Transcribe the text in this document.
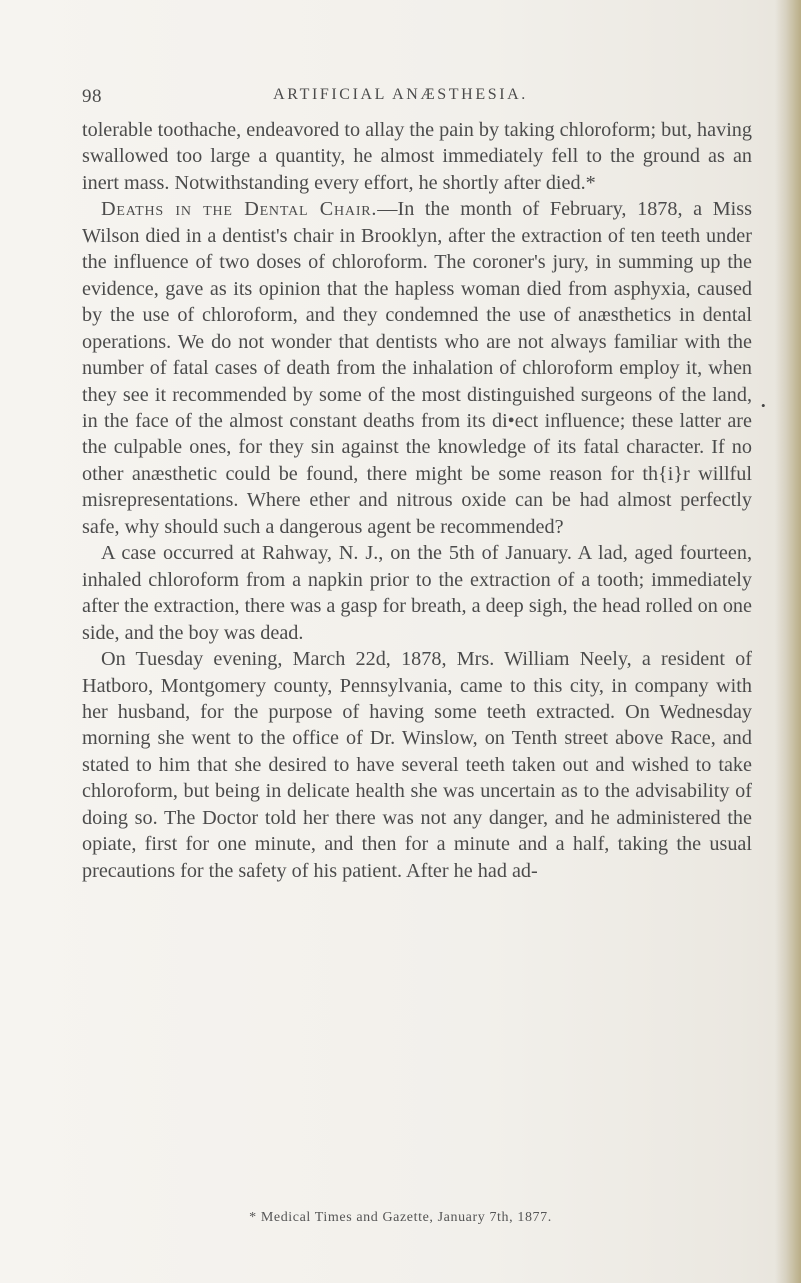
98	ARTIFICIAL ANÆSTHESIA.

tolerable toothache, endeavored to allay the pain by taking chloroform; but, having swallowed too large a quantity, he almost immediately fell to the ground as an inert mass. Notwithstanding every effort, he shortly after died.*

Deaths in the Dental Chair.—In the month of February, 1878, a Miss Wilson died in a dentist's chair in Brooklyn, after the extraction of ten teeth under the influence of two doses of chloroform. The coroner's jury, in summing up the evidence, gave as its opinion that the hapless woman died from asphyxia, caused by the use of chloroform, and they condemned the use of anæsthetics in dental operations. We do not wonder that dentists who are not always familiar with the number of fatal cases of death from the inhalation of chloroform employ it, when they see it recommended by some of the most distinguished surgeons of the land, in the face of the almost constant deaths from its di•ect influence; these latter are the culpable ones, for they sin against the knowledge of its fatal character. If no other anæsthetic could be found, there might be some reason for th{i}r willful misrepresentations. Where ether and nitrous oxide can be had almost perfectly safe, why should such a dangerous agent be recommended?

A case occurred at Rahway, N. J., on the 5th of January. A lad, aged fourteen, inhaled chloroform from a napkin prior to the extraction of a tooth; immediately after the extraction, there was a gasp for breath, a deep sigh, the head rolled on one side, and the boy was dead.

On Tuesday evening, March 22d, 1878, Mrs. William Neely, a resident of Hatboro, Montgomery county, Pennsylvania, came to this city, in company with her husband, for the purpose of having some teeth extracted. On Wednesday morning she went to the office of Dr. Winslow, on Tenth street above Race, and stated to him that she desired to have several teeth taken out and wished to take chloroform, but being in delicate health she was uncertain as to the advisability of doing so. The Doctor told her there was not any danger, and he administered the opiate, first for one minute, and then for a minute and a half, taking the usual precautions for the safety of his patient. After he had ad-

•
* Medical Times and Gazette, January 7th, 1877.
